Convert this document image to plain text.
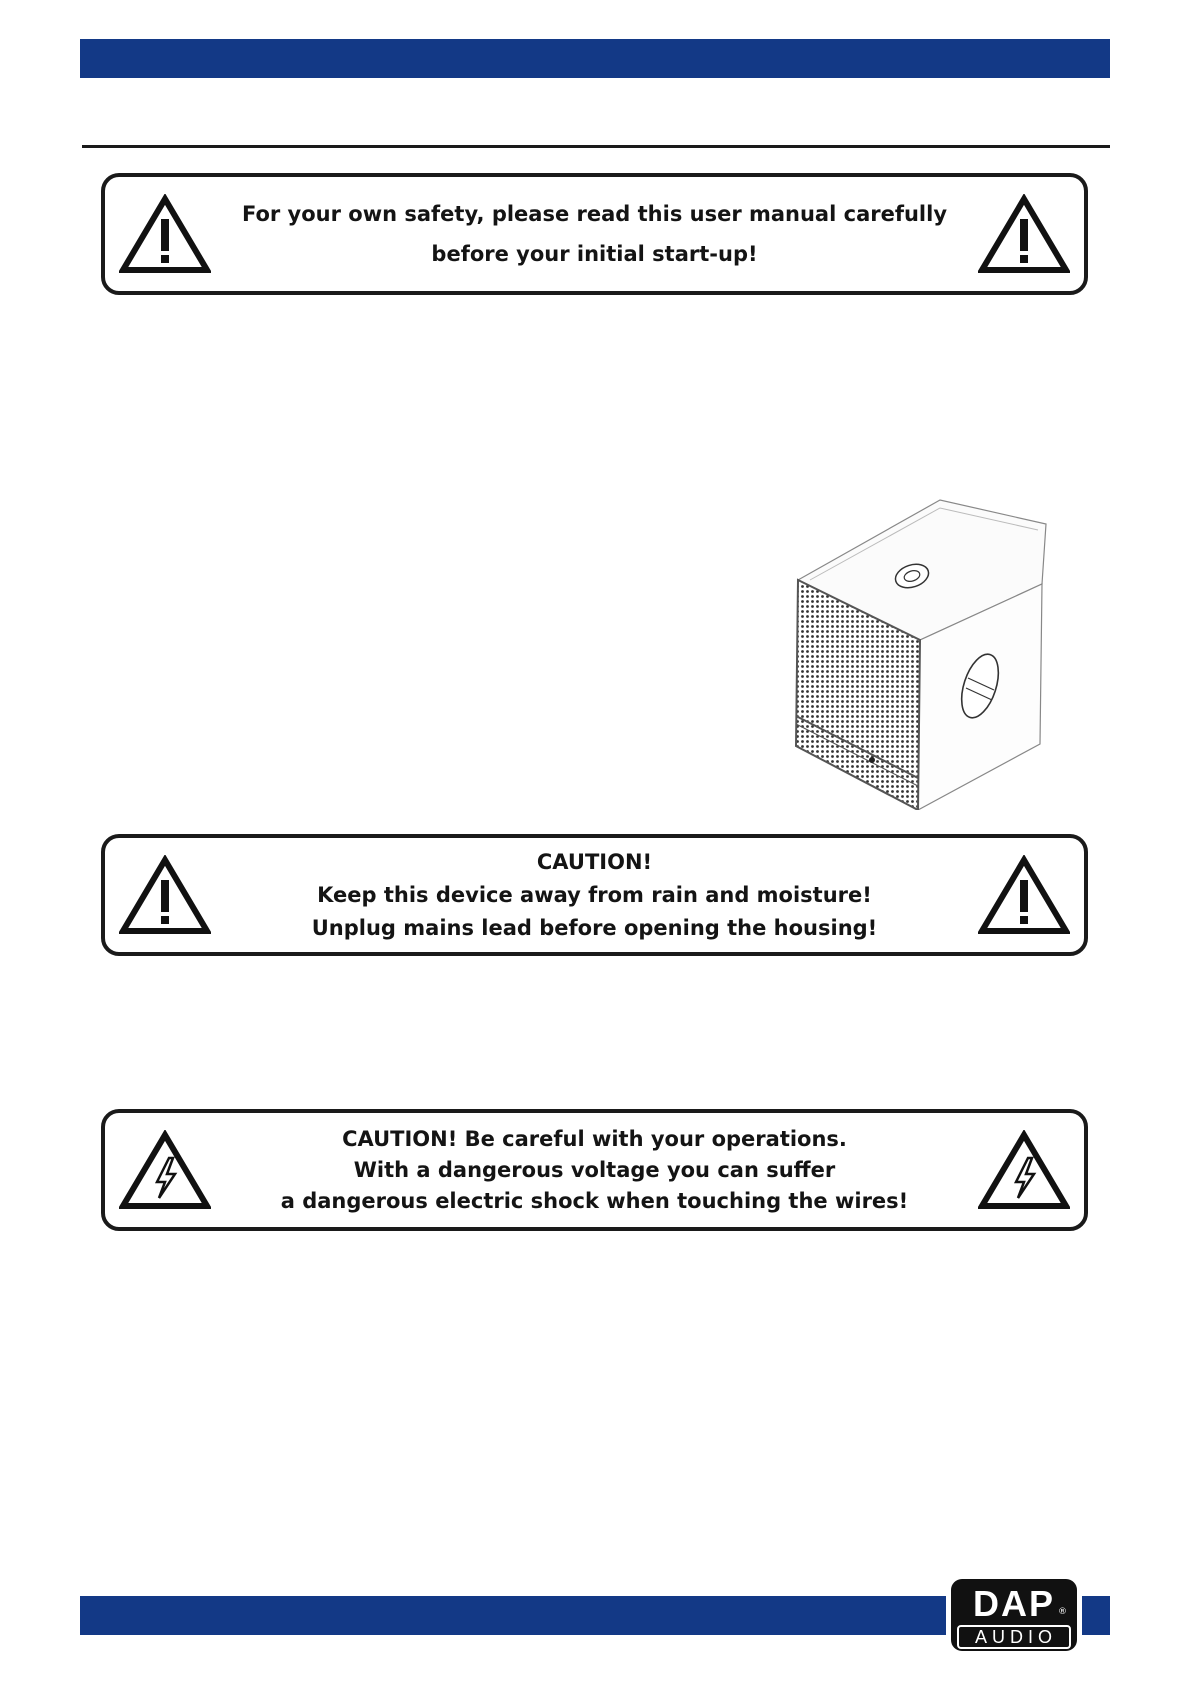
For your own safety, please read this user manual carefully
before your initial start-up!
CAUTION!
Keep this device away from rain and moisture!
Unplug mains lead before opening the housing!
CAUTION! Be careful with your operations.
With a dangerous voltage you can suffer
a dangerous electric shock when touching the wires!
DAP ®
AUDIO
